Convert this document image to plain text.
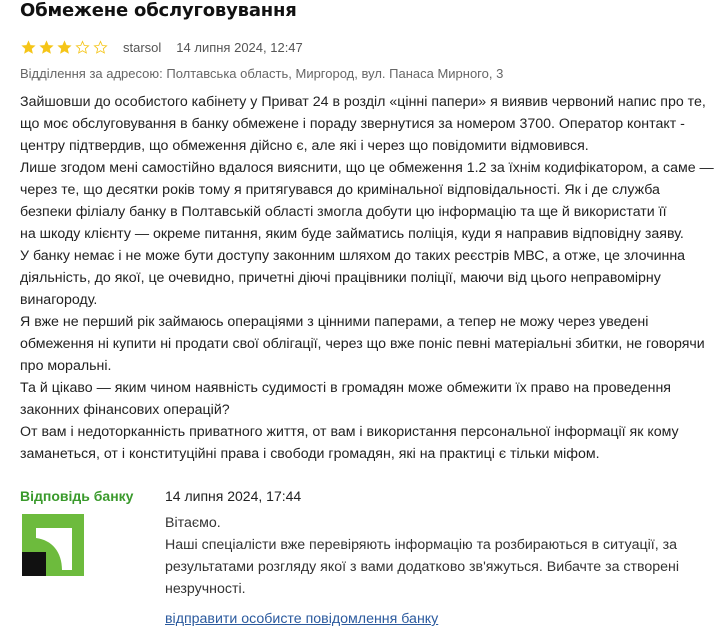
Обмежене обслуговування
starsol 14 липня 2024, 12:47
Відділення за адресою: Полтавська область, Миргород, вул. Панаса Мирного, 3

Зайшовши до особистого кабінету у Приват 24 в розділ «цінні папери» я виявив червоний напис про те,

що моє обслуговування в банку обмежене і пораду звернутися за номером 3700. Оператор контакт -

центру підтвердив, що обмеження дійсно є, але які і через що повідомити відмовився.

Лише згодом мені самостійно вдалося вияснити, що це обмеження 1.2 за їхнім кодифікатором, а саме —

через те, що десятки років тому я притягувався до кримінальної відповідальності. Як і де служба

безпеки філіалу банку в Полтавській області змогла добути цю інформацію та ще й використати її

на шкоду клієнту — окреме питання, яким буде займатись поліція, куди я направив відповідну заяву.

У банку немає і не може бути доступу законним шляхом до таких реєстрів МВС, а отже, це злочинна

діяльність, до якої, це очевидно, причетні діючі працівники поліції, маючи від цього неправомірну

винагороду.

Я вже не перший рік займаюсь операціями з цінними паперами, а тепер не можу через уведені

обмеження ні купити ні продати свої облігації, через що вже поніс певні матеріальні збитки, не говорячи

про моральні.

Та й цікаво — яким чином наявність судимості в громадян може обмежити їх право на проведення

законних фінансових операцій?

От вам і недоторканність приватного життя, от вам і використання персональної інформації як кому

заманеться, от і конституційні права і свободи громадян, які на практиці є тільки міфом.

Відповідь банку 14 липня 2024, 17:44

Вітаємо.

Наші спеціалісти вже перевіряють інформацію та розбираються в ситуації, за

результатами розгляду якої з вами додатково зв'яжуться. Вибачте за створені

незручності.

відправити особисте повідомлення банку
